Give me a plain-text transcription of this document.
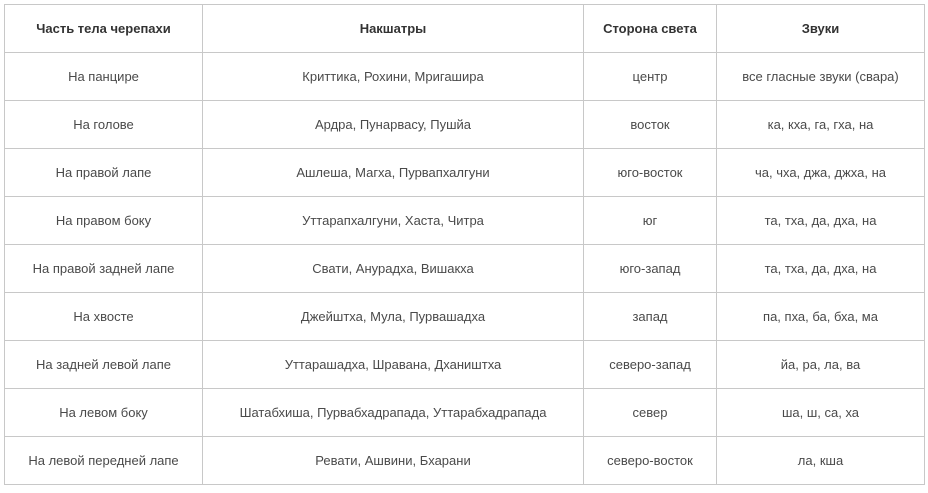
Часть тела черепахи	Накшатры	Сторона света	Звуки
На панцире	Криттика, Рохини, Мригашира	центр	все гласные звуки (свара)
На голове	Ардра, Пунарвасу, Пушйа	восток	ка, кха, га, гха, на
На правой лапе	Ашлеша, Магха, Пурвапхалгуни	юго-восток	ча, чха, джа, джха, на
На правом боку	Уттарапхалгуни, Хаста, Читра	юг	та, тха, да, дха, на
На правой задней лапе	Свати, Анурадха, Вишакха	юго-запад	та, тха, да, дха, на
На хвосте	Джейштха, Мула, Пурвашадха	запад	па, пха, ба, бха, ма
На задней левой лапе	Уттарашадха, Шравана, Дхаништха	северо-запад	йа, ра, ла, ва
На левом боку	Шатабхиша, Пурвабхадрапада, Уттарабхадрапада	север	ша, ш, са, ха
На левой передней лапе	Ревати, Ашвини, Бхарани	северо-восток	ла, кша
